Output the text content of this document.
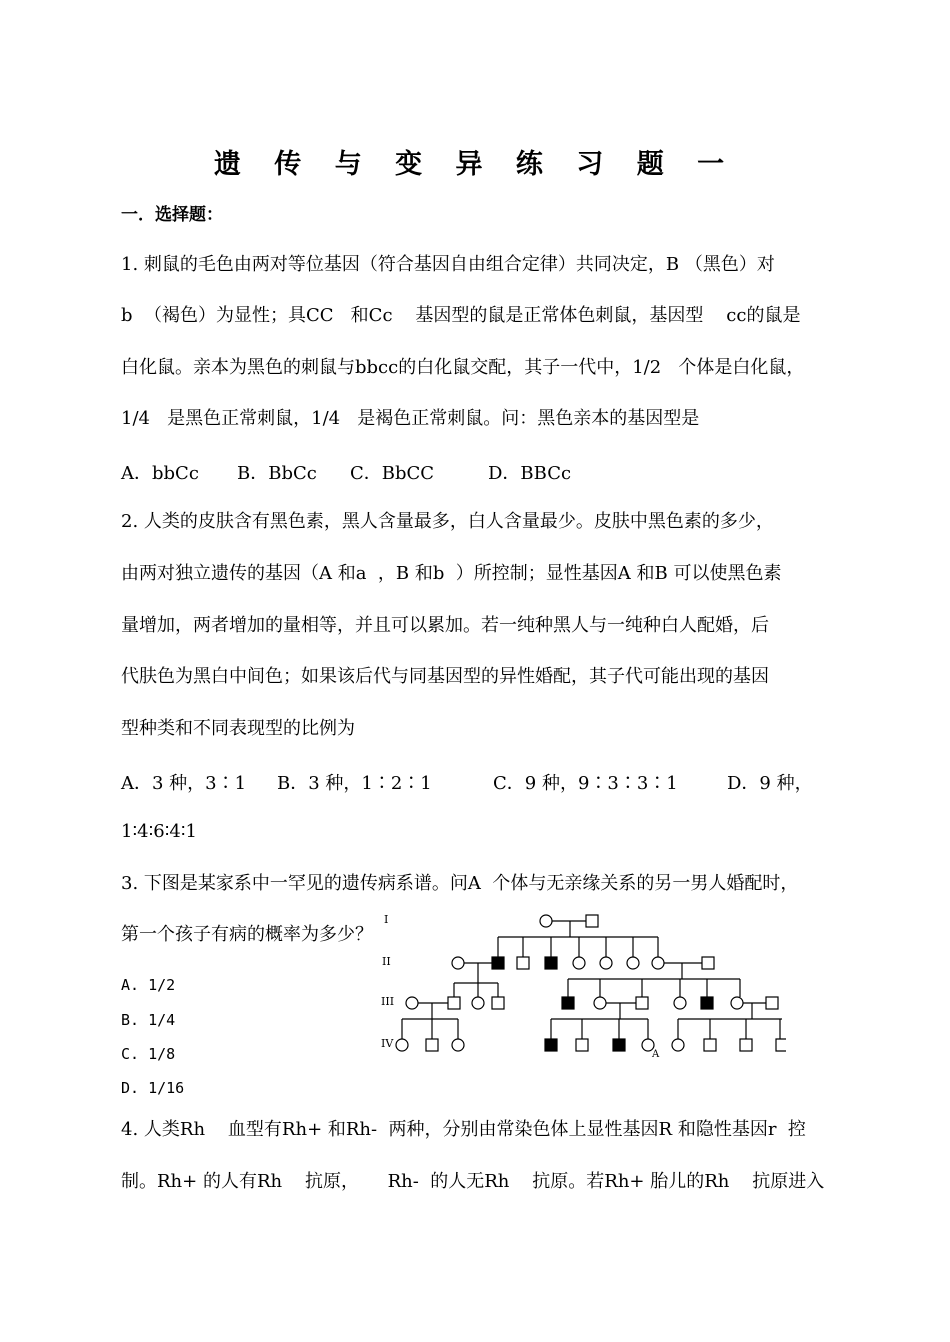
遗 传 与 变 异 练 习 题 一
一．选择题：
1. 刺鼠的毛色由两对等位基因（符合基因自由组合定律）共同决定，B （黑色）对
b  （褐色）为显性；具CC   和Cc    基因型的鼠是正常体色刺鼠，基因型    cc的鼠是
白化鼠。亲本为黑色的刺鼠与bbcc的白化鼠交配，其子一代中，1/2   个体是白化鼠，
1/4   是黑色正常刺鼠，1/4   是褐色正常刺鼠。问：黑色亲本的基因型是

A．bbCc

B．BbCc

C．BbCC

	D．BBCc

2. 人类的皮肤含有黑色素，黑人含量最多，白人含量最少。皮肤中黑色素的多少，
由两对独立遗传的基因（A 和a  ，B 和b  ）所控制；显性基因A 和B 可以使黑色素
量增加，两者增加的量相等，并且可以累加。若一纯种黑人与一纯种白人配婚，后
代肤色为黑白中间色；如果该后代与同基因型的异性婚配，其子代可能出现的基因
型种类和不同表现型的比例为

A．3 种，3∶1

B．3 种，1∶2∶1

	C．9 种，9∶3∶3∶1

	D．9 种，

1∶4∶6∶4∶1
3. 下图是某家系中一罕见的遗传病系谱。问A  个体与无亲缘关系的另一男人婚配时，
第一个孩子有病的概率为多少？
A. 1/2
B. 1/4
C. 1/8
D. 1/16
I
II
III
IV
A
4. 人类Rh    血型有Rh+ 和Rh-  两种，分别由常染色体上显性基因R 和隐性基因r  控
制。Rh+ 的人有Rh    抗原，     Rh-  的人无Rh    抗原。若Rh+ 胎儿的Rh    抗原进入
